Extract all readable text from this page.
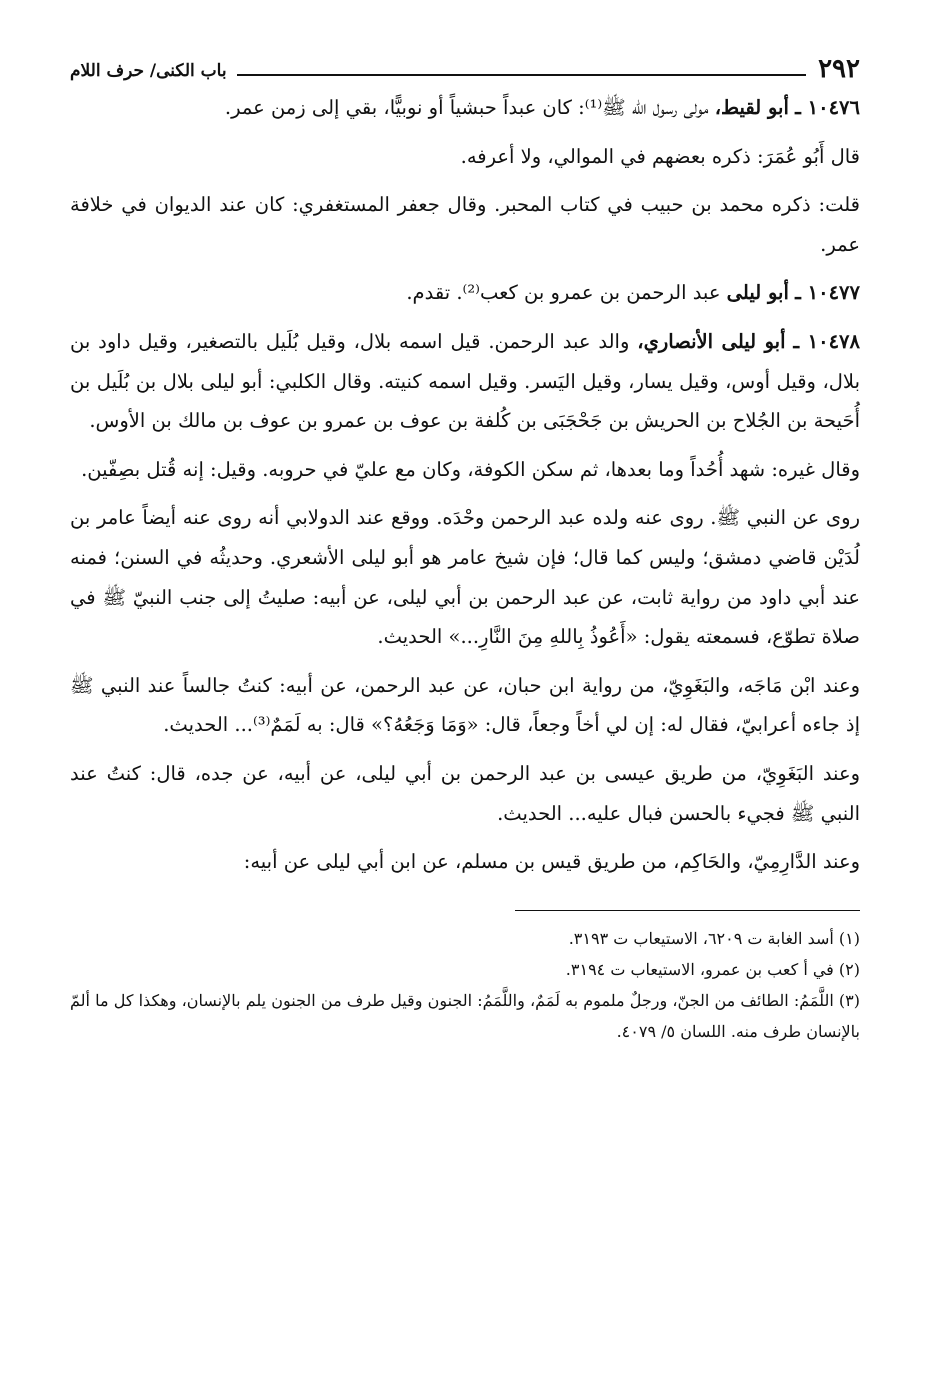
٢٩٢
باب الكنى/ حرف اللام

١٠٤٧٦ ـ أبو لقيط، مولى رسول الله ﷺ⁽¹⁾: كان عبداً حبشياً أو نوبيًّا، بقي إلى زمن عمر.

قال أَبُو عُمَرَ: ذكره بعضهم في الموالي، ولا أعرفه.

قلت: ذكره محمد بن حبيب في كتاب المحبر. وقال جعفر المستغفري: كان عند الديوان في خلافة عمر.

١٠٤٧٧ ـ أبو ليلى عبد الرحمن بن عمرو بن كعب⁽²⁾. تقدم.

١٠٤٧٨ ـ أبو ليلى الأنصاري، والد عبد الرحمن. قيل اسمه بلال، وقيل بُلَيل بالتصغير، وقيل داود بن بلال، وقيل أوس، وقيل يسار، وقيل اليَسر. وقيل اسمه كنيته. وقال الكلبي: أبو ليلى بلال بن بُلَيل بن أُحَيحة بن الجُلاح بن الحريش بن جَحْجَبَى بن كُلفة بن عوف بن عمرو بن عوف بن مالك بن الأوس.

وقال غيره: شهد أُحُداً وما بعدها، ثم سكن الكوفة، وكان مع عليّ في حروبه. وقيل: إنه قُتل بصِفّين.

روى عن النبي ﷺ. روى عنه ولده عبد الرحمن وحْدَه. ووقع عند الدولابي أنه روى عنه أيضاً عامر بن لُدَيْن قاضي دمشق؛ وليس كما قال؛ فإن شيخ عامر هو أبو ليلى الأشعري. وحديثُه في السنن؛ فمنه عند أبي داود من رواية ثابت، عن عبد الرحمن بن أبي ليلى، عن أبيه: صليتُ إلى جنب النبيّ ﷺ في صلاة تطوّع، فسمعته يقول: «أَعُوذُ بِاللهِ مِنَ النَّارِ...» الحديث.

وعند ابْن مَاجَه، والبَغَوِيّ، من رواية ابن حبان، عن عبد الرحمن، عن أبيه: كنتُ جالساً عند النبي ﷺ إذ جاءه أعرابيّ، فقال له: إن لي أخاً وجعاً، قال: «وَمَا وَجَعُهُ؟» قال: به لَمَمٌ⁽³⁾... الحديث.

وعند البَغَوِيّ، من طريق عيسى بن عبد الرحمن بن أبي ليلى، عن أبيه، عن جده، قال: كنتُ عند النبي ﷺ فجيء بالحسن فبال عليه... الحديث.

وعند الدَّارِمِيّ، والحَاكِم، من طريق قيس بن مسلم، عن ابن أبي ليلى عن أبيه:

(١) أسد الغابة ت ٦٢٠٩، الاستيعاب ت ٣١٩٣.

(٢) في أ كعب بن عمرو، الاستيعاب ت ٣١٩٤.

(٣) اللَّمَمُ: الطائف من الجنّ، ورجلٌ ملموم به لَمَمٌ، واللَّمَمُ: الجنون وقيل طرف من الجنون يلم بالإنسان، وهكذا كل ما ألمّ بالإنسان طرف منه. اللسان ٥/ ٤٠٧٩.
